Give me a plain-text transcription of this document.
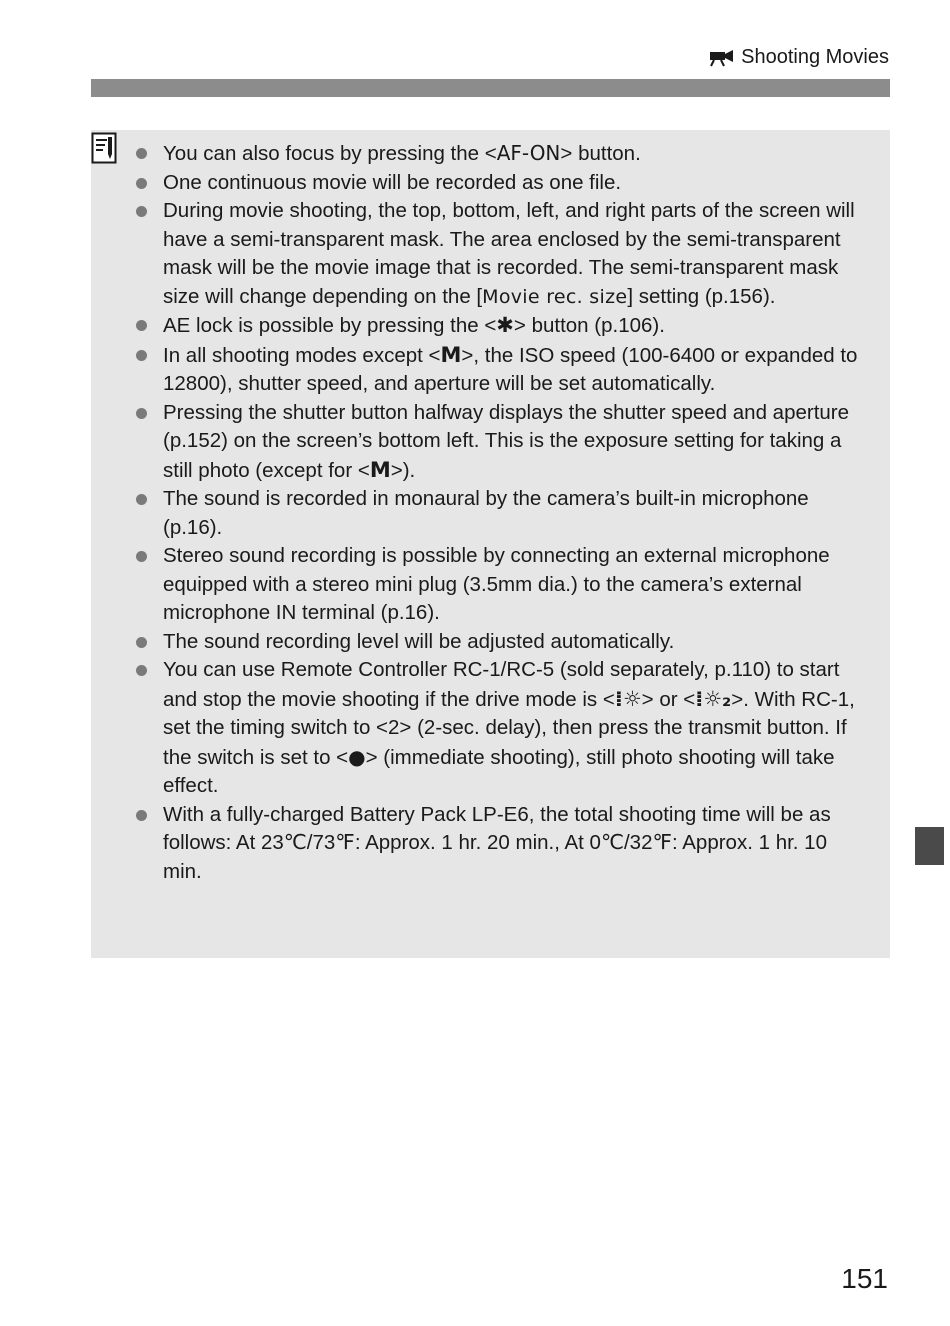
Shooting Movies
You can also focus by pressing the <AF-ON> button.
One continuous movie will be recorded as one file.
During movie shooting, the top, bottom, left, and right parts of the screen will have a semi-transparent mask. The area enclosed by the semi-transparent mask will be the movie image that is recorded. The semi-transparent mask size will change depending on the [Movie rec. size] setting (p.156).
AE lock is possible by pressing the <✱> button (p.106).
In all shooting modes except <M>, the ISO speed (100-6400 or expanded to 12800), shutter speed, and aperture will be set automatically.
Pressing the shutter button halfway displays the shutter speed and aperture (p.152) on the screen’s bottom left. This is the exposure setting for taking a still photo (except for <M>).
The sound is recorded in monaural by the camera’s built-in microphone (p.16).
Stereo sound recording is possible by connecting an external microphone equipped with a stereo mini plug (3.5mm dia.) to the camera’s external microphone IN terminal (p.16).
The sound recording level will be adjusted automatically.
You can use Remote Controller RC-1/RC-5 (sold separately, p.110) to start and stop the movie shooting if the drive mode is <⁞☼> or <⁞☼₂>. With RC-1, set the timing switch to <2> (2-sec. delay), then press the transmit button. If the switch is set to <●> (immediate shooting), still photo shooting will take effect.
With a fully-charged Battery Pack LP-E6, the total shooting time will be as follows: At 23℃/73℉: Approx. 1 hr. 20 min., At 0℃/32℉: Approx. 1 hr. 10 min.
151
